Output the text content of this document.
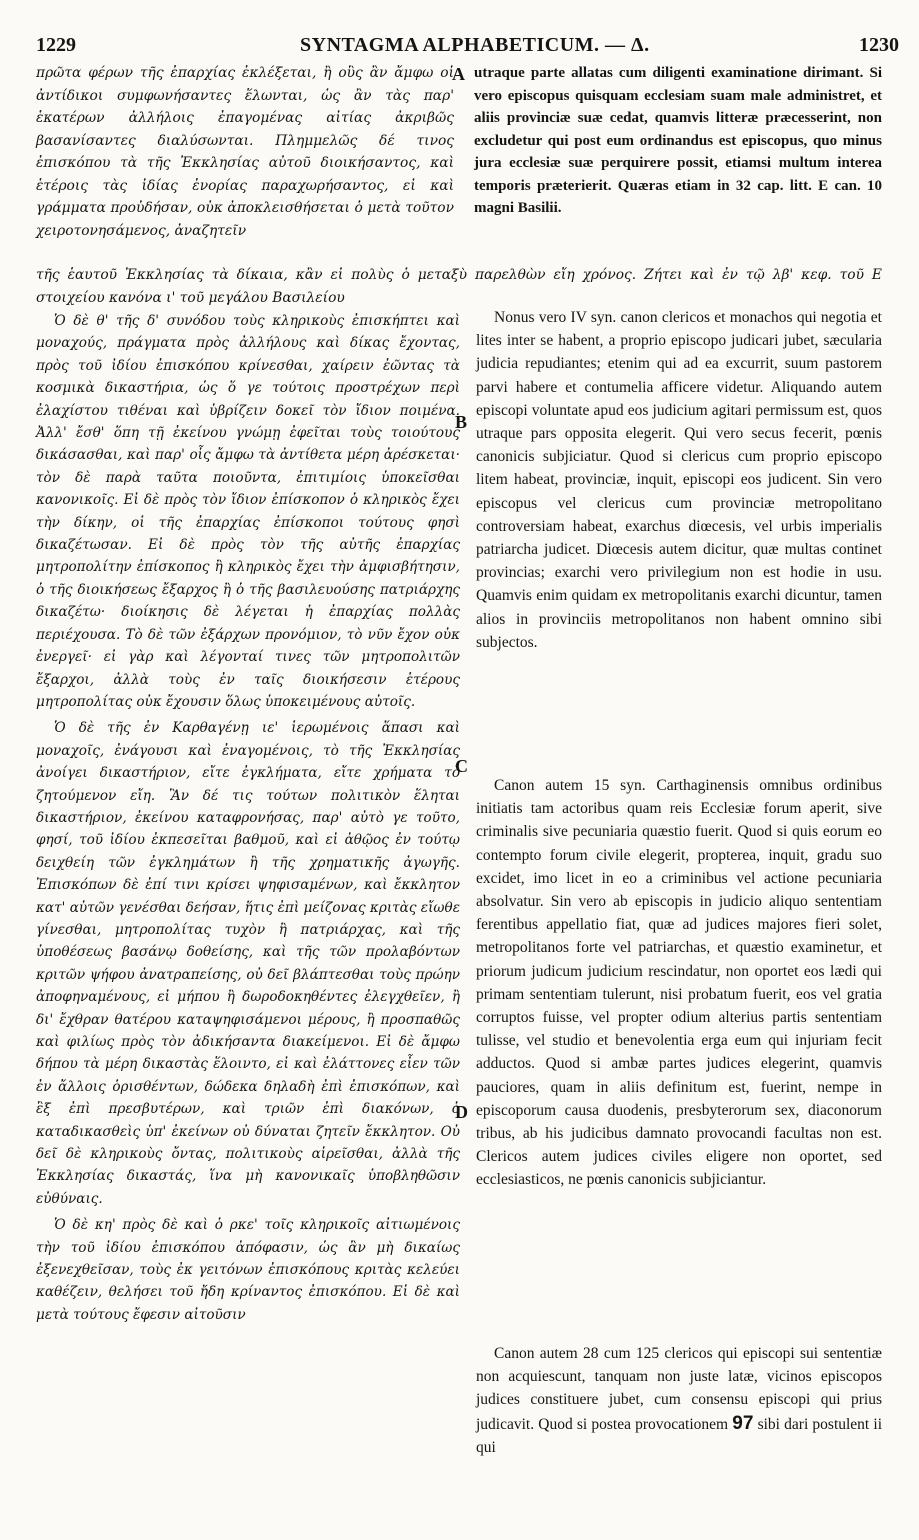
1229	SYNTAGMA ALPHABETICUM. — Δ.	1230

πρῶτα φέρων τῆς ἐπαρχίας ἐκλέξεται, ἢ οὓς ἂν ἄμφω οἱ ἀντίδικοι συμφωνήσαντες ἕλωνται, ὡς ἂν τὰς παρ' ἑκατέρων ἀλλήλοις ἐπαγομένας αἰτίας ἀκριβῶς βασανίσαντες διαλύσωνται. Πλημμελῶς δέ τινος ἐπισκόπου τὰ τῆς Ἐκκλησίας αὐτοῦ διοικήσαντος, καὶ ἑτέροις τὰς ἰδίας ἐνορίας παραχωρήσαντος, εἰ καὶ γράμματα προὐδήσαν, οὐκ ἀποκλεισθήσεται ὁ μετὰ τοῦτον χειροτονησάμενος, ἀναζητεῖν

A utraque parte allatas cum diligenti examinatione dirimant. Si vero episcopus quisquam ecclesiam suam male administret, et aliis provinciæ suæ cedat, quamvis litteræ præcesserint, non excludetur qui post eum ordinandus est episcopus, quo minus jura ecclesiæ suæ perquirere possit, etiamsi multum interea temporis præterierit. Quæras etiam in 32 cap. litt. E can. 10 magni Basilii.

τῆς ἑαυτοῦ Ἐκκλησίας τὰ δίκαια, κἂν εἰ πολὺς ὁ μεταξὺ παρελθὼν εἴη χρόνος. Ζήτει καὶ ἐν τῷ λβ' κεφ. τοῦ Ε στοιχείου κανόνα ι' τοῦ μεγάλου Βασιλείου

Ὁ δὲ θ' τῆς δ' συνόδου τοὺς κληρικοὺς ἐπισκήπτει καὶ μοναχούς, πράγματα πρὸς ἀλλήλους καὶ δίκας ἔχοντας, πρὸς τοῦ ἰδίου ἐπισκόπου κρίνεσθαι, χαίρειν ἐῶντας τὰ κοσμικὰ δικαστήρια, ὡς ὅ γε τούτοις προστρέχων περὶ ἐλαχίστου τιθέναι καὶ ὑβρίζειν δοκεῖ τὸν ἴδιον ποιμένα. Ἀλλ' ἔσθ' ὅπη τῇ ἐκείνου γνώμῃ ἐφεῖται τοὺς τοιούτους δικάσασθαι, καὶ παρ' οἷς ἄμφω τὰ ἀντίθετα μέρη ἀρέσκεται· τὸν δὲ παρὰ ταῦτα ποιοῦντα, ἐπιτιμίοις ὑποκεῖσθαι κανονικοῖς. Εἰ δὲ πρὸς τὸν ἴδιον ἐπίσκοπον ὁ κληρικὸς ἔχει τὴν δίκην, οἱ τῆς ἐπαρχίας ἐπίσκοποι τούτους φησὶ δικαζέτωσαν. Εἰ δὲ πρὸς τὸν τῆς αὐτῆς ἐπαρχίας μητροπολίτην ἐπίσκοπος ἢ κληρικὸς ἔχει τὴν ἀμφισβήτησιν, ὁ τῆς διοικήσεως ἔξαρχος ἢ ὁ τῆς βασιλευούσης πατριάρχης δικαζέτω· διοίκησις δὲ λέγεται ἡ ἐπαρχίας πολλὰς περιέχουσα. Τὸ δὲ τῶν ἐξάρχων προνόμιον, τὸ νῦν ἔχον οὐκ ἐνεργεῖ· εἰ γὰρ καὶ λέγονταί τινες τῶν μητροπολιτῶν ἔξαρχοι, ἀλλὰ τοὺς ἐν ταῖς διοικήσεσιν ἑτέρους μητροπολίτας οὐκ ἔχουσιν ὅλως ὑποκειμένους αὐτοῖς.

Ὁ δὲ τῆς ἐν Καρθαγένῃ ιε' ἱερωμένοις ἅπασι καὶ μοναχοῖς, ἐνάγουσι καὶ ἐναγομένοις, τὸ τῆς Ἐκκλησίας ἀνοίγει δικαστήριον, εἴτε ἐγκλήματα, εἴτε χρήματα τὸ ζητούμενον εἴη. Ἂν δέ τις τούτων πολιτικὸν ἕληται δικαστήριον, ἐκείνου καταφρονήσας, παρ' αὐτὸ γε τοῦτο, φησί, τοῦ ἰδίου ἐκπεσεῖται βαθμοῦ, καὶ εἰ ἀθῷος ἐν τούτῳ δειχθείη τῶν ἐγκλημάτων ἢ τῆς χρηματικῆς ἀγωγῆς. Ἐπισκόπων δὲ ἐπί τινι κρίσει ψηφισαμένων, καὶ ἔκκλητον κατ' αὐτῶν γενέσθαι δεήσαν, ἥτις ἐπὶ μείζονας κριτὰς εἴωθε γίνεσθαι, μητροπολίτας τυχὸν ἢ πατριάρχας, καὶ τῆς ὑποθέσεως βασάνῳ δοθείσης, καὶ τῆς τῶν προλαβόντων κριτῶν ψήφου ἀνατραπείσης, οὐ δεῖ βλάπτεσθαι τοὺς πρώην ἀποφηναμένους, εἰ μήπου ἢ δωροδοκηθέντες ἐλεγχθεῖεν, ἢ δι' ἔχθραν θατέρου καταψηφισάμενοι μέρους, ἢ προσπαθῶς καὶ φιλίως πρὸς τὸν ἀδικήσαντα διακείμενοι. Εἰ δὲ ἄμφω δήπου τὰ μέρη δικαστὰς ἕλοιντο, εἰ καὶ ἐλάττονες εἶεν τῶν ἐν ἄλλοις ὁρισθέντων, δώδεκα δηλαδὴ ἐπὶ ἐπισκόπων, καὶ ἓξ ἐπὶ πρεσβυτέρων, καὶ τριῶν ἐπὶ διακόνων, ὁ καταδικασθεὶς ὑπ' ἐκείνων οὐ δύναται ζητεῖν ἔκκλητον. Οὐ δεῖ δὲ κληρικοὺς ὄντας, πολιτικοὺς αἱρεῖσθαι, ἀλλὰ τῆς Ἐκκλησίας δικαστάς, ἵνα μὴ κανονικαῖς ὑποβληθῶσιν εὐθύναις.

Ὁ δὲ κη' πρὸς δὲ καὶ ὁ ρκε' τοῖς κληρικοῖς αἰτιωμένοις τὴν τοῦ ἰδίου ἐπισκόπου ἀπόφασιν, ὡς ἂν μὴ δικαίως ἐξενεχθεῖσαν, τοὺς ἐκ γειτόνων ἐπισκόπους κριτὰς κελεύει καθέζειν, θελήσει τοῦ ἤδη κρίναντος ἐπισκόπου. Εἰ δὲ καὶ μετὰ τούτους ἔφεσιν αἰτοῦσιν

B
C
D

Nonus vero IV syn. canon clericos et monachos qui negotia et lites inter se habent, a proprio episcopo judicari jubet, sæcularia judicia repudiantes; etenim qui ad ea excurrit, suum pastorem parvi habere et contumelia afficere videtur. Aliquando autem episcopi voluntate apud eos judicium agitari permissum est, quos utraque pars opposita elegerit. Qui vero secus fecerit, pœnis canonicis subjiciatur. Quod si clericus cum proprio episcopo litem habeat, provinciæ, inquit, episcopi eos judicent. Sin vero episcopus vel clericus cum provinciæ metropolitano controversiam habeat, exarchus diœcesis, vel urbis imperialis patriarcha judicet. Diœcesis autem dicitur, quæ multas continet provincias; exarchi vero privilegium non est hodie in usu. Quamvis enim quidam ex metropolitanis exarchi dicuntur, tamen alios in provinciis metropolitanos non habent omnino sibi subjectos.

Canon autem 15 syn. Carthaginensis omnibus ordinibus initiatis tam actoribus quam reis Ecclesiæ forum aperit, sive criminalis sive pecuniaria quæstio fuerit. Quod si quis eorum eo contempto forum civile elegerit, propterea, inquit, gradu suo excidet, imo licet in eo a criminibus vel actione pecuniaria absolvatur. Sin vero ab episcopis in judicio aliquo sententiam ferentibus appellatio fiat, quæ ad judices majores fieri solet, metropolitanos forte vel patriarchas, et quæstio examinetur, et priorum judicum judicium rescindatur, non oportet eos lædi qui primam sententiam tulerunt, nisi probatum fuerit, eos vel gratia corruptos fuisse, vel propter odium alterius partis sententiam tulisse, vel studio et benevolentia erga eum qui injuriam fecit adductos. Quod si ambæ partes judices elegerint, quamvis pauciores, quam in aliis definitum est, fuerint, nempe in episcoporum causa duodenis, presbyterorum sex, diaconorum tribus, ab his judicibus damnato provocandi facultas non est. Clericos autem judices civiles eligere non oportet, sed ecclesiasticos, ne pœnis canonicis subjiciantur.

Canon autem 28 cum 125 clericos qui episcopi sui sententiæ non acquiescunt, tanquam non juste latæ, vicinos episcopos judices constituere jubet, cum consensu episcopi qui prius judicavit. Quod si postea provocationem 97 sibi dari postulent ii qui
